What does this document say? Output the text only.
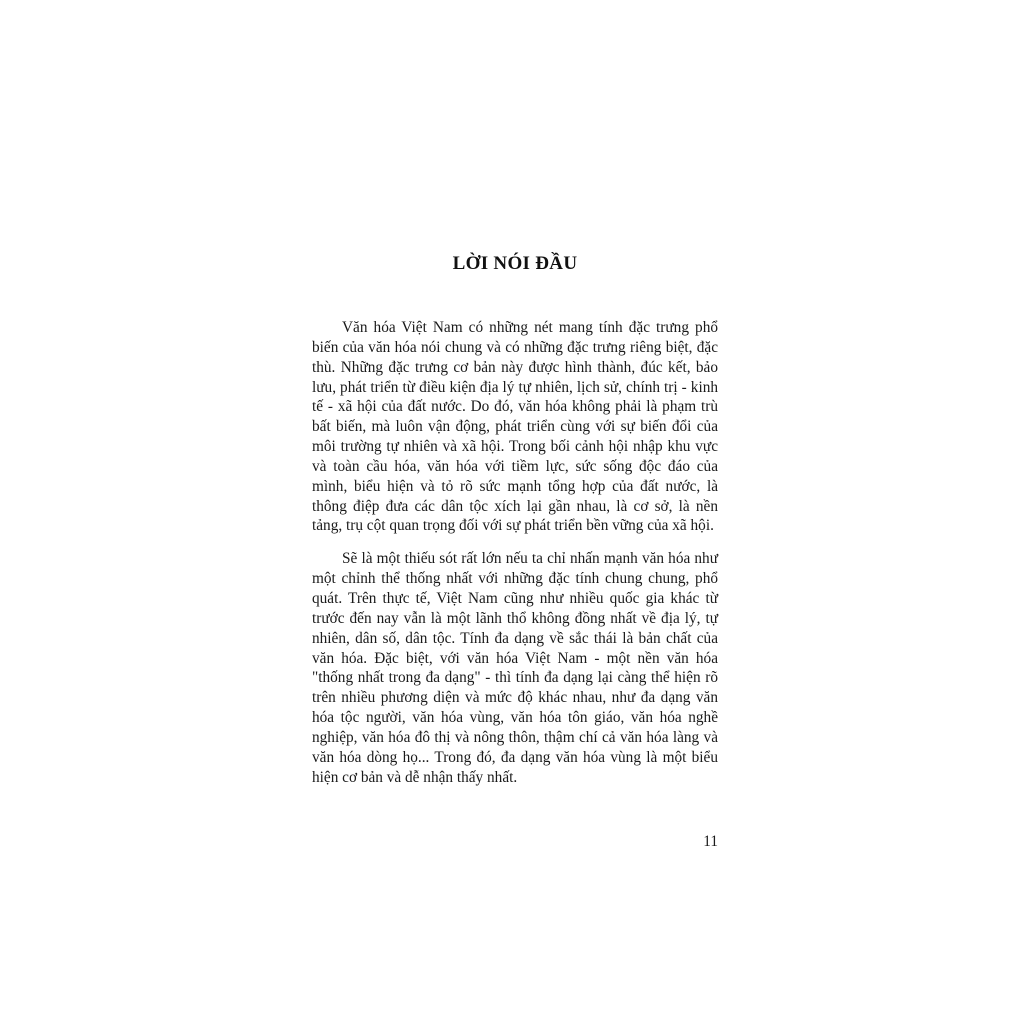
LỜI NÓI ĐẦU

Văn hóa Việt Nam có những nét mang tính đặc trưng phổ biến của văn hóa nói chung và có những đặc trưng riêng biệt, đặc thù. Những đặc trưng cơ bản này được hình thành, đúc kết, bảo lưu, phát triển từ điều kiện địa lý tự nhiên, lịch sử, chính trị - kinh tế - xã hội của đất nước. Do đó, văn hóa không phải là phạm trù bất biến, mà luôn vận động, phát triển cùng với sự biến đổi của môi trường tự nhiên và xã hội. Trong bối cảnh hội nhập khu vực và toàn cầu hóa, văn hóa với tiềm lực, sức sống độc đáo của mình, biểu hiện và tỏ rõ sức mạnh tổng hợp của đất nước, là thông điệp đưa các dân tộc xích lại gần nhau, là cơ sở, là nền tảng, trụ cột quan trọng đối với sự phát triển bền vững của xã hội.

Sẽ là một thiếu sót rất lớn nếu ta chỉ nhấn mạnh văn hóa như một chỉnh thể thống nhất với những đặc tính chung chung, phổ quát. Trên thực tế, Việt Nam cũng như nhiều quốc gia khác từ trước đến nay vẫn là một lãnh thổ không đồng nhất về địa lý, tự nhiên, dân số, dân tộc. Tính đa dạng về sắc thái là bản chất của văn hóa. Đặc biệt, với văn hóa Việt Nam - một nền văn hóa "thống nhất trong đa dạng" - thì tính đa dạng lại càng thể hiện rõ trên nhiều phương diện và mức độ khác nhau, như đa dạng văn hóa tộc người, văn hóa vùng, văn hóa tôn giáo, văn hóa nghề nghiệp, văn hóa đô thị và nông thôn, thậm chí cả văn hóa làng và văn hóa dòng họ... Trong đó, đa dạng văn hóa vùng là một biểu hiện cơ bản và dễ nhận thấy nhất.

11
